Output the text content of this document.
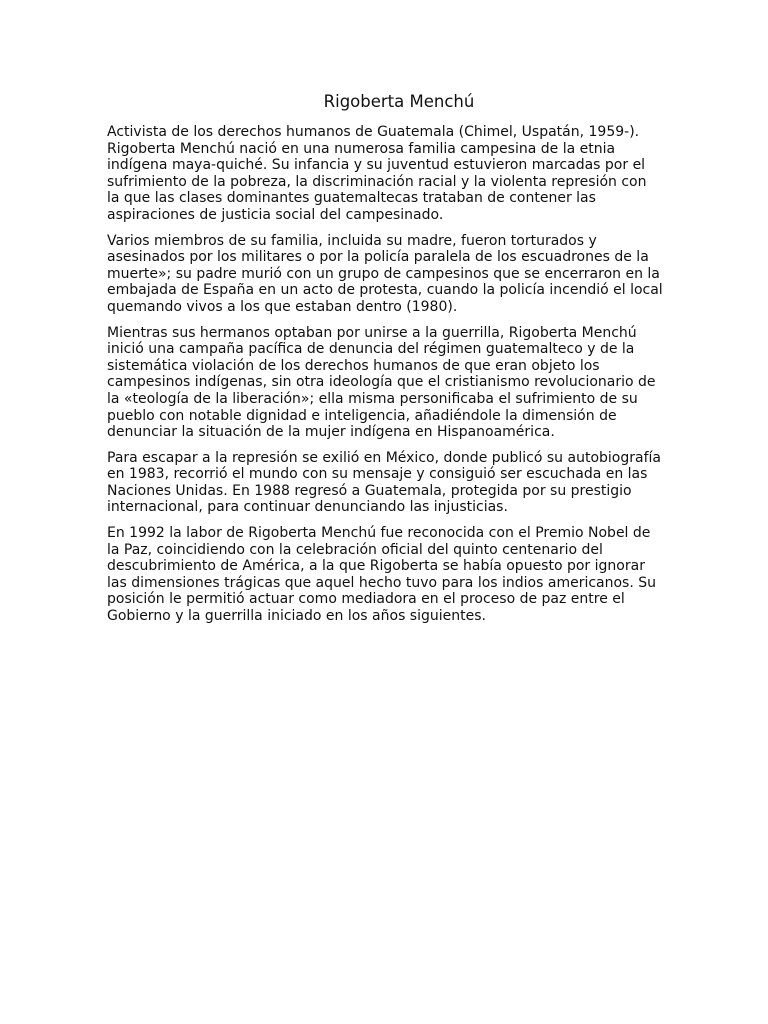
Rigoberta Menchú

Activista de los derechos humanos de Guatemala (Chimel, Uspatán, 1959-). Rigoberta Menchú nació en una numerosa familia campesina de la etnia indígena maya-quiché. Su infancia y su juventud estuvieron marcadas por el sufrimiento de la pobreza, la discriminación racial y la violenta represión con la que las clases dominantes guatemaltecas trataban de contener las aspiraciones de justicia social del campesinado.

Varios miembros de su familia, incluida su madre, fueron torturados y asesinados por los militares o por la policía paralela de los escuadrones de la muerte»; su padre murió con un grupo de campesinos que se encerraron en la embajada de España en un acto de protesta, cuando la policía incendió el local quemando vivos a los que estaban dentro (1980).

Mientras sus hermanos optaban por unirse a la guerrilla, Rigoberta Menchú inició una campaña pacífica de denuncia del régimen guatemalteco y de la sistemática violación de los derechos humanos de que eran objeto los campesinos indígenas, sin otra ideología que el cristianismo revolucionario de la «teología de la liberación»; ella misma personificaba el sufrimiento de su pueblo con notable dignidad e inteligencia, añadiéndole la dimensión de denunciar la situación de la mujer indígena en Hispanoamérica.

Para escapar a la represión se exilió en México, donde publicó su autobiografía en 1983, recorrió el mundo con su mensaje y consiguió ser escuchada en las Naciones Unidas. En 1988 regresó a Guatemala, protegida por su prestigio internacional, para continuar denunciando las injusticias.

En 1992 la labor de Rigoberta Menchú fue reconocida con el Premio Nobel de la Paz, coincidiendo con la celebración oficial del quinto centenario del descubrimiento de América, a la que Rigoberta se había opuesto por ignorar las dimensiones trágicas que aquel hecho tuvo para los indios americanos. Su posición le permitió actuar como mediadora en el proceso de paz entre el Gobierno y la guerrilla iniciado en los años siguientes.
